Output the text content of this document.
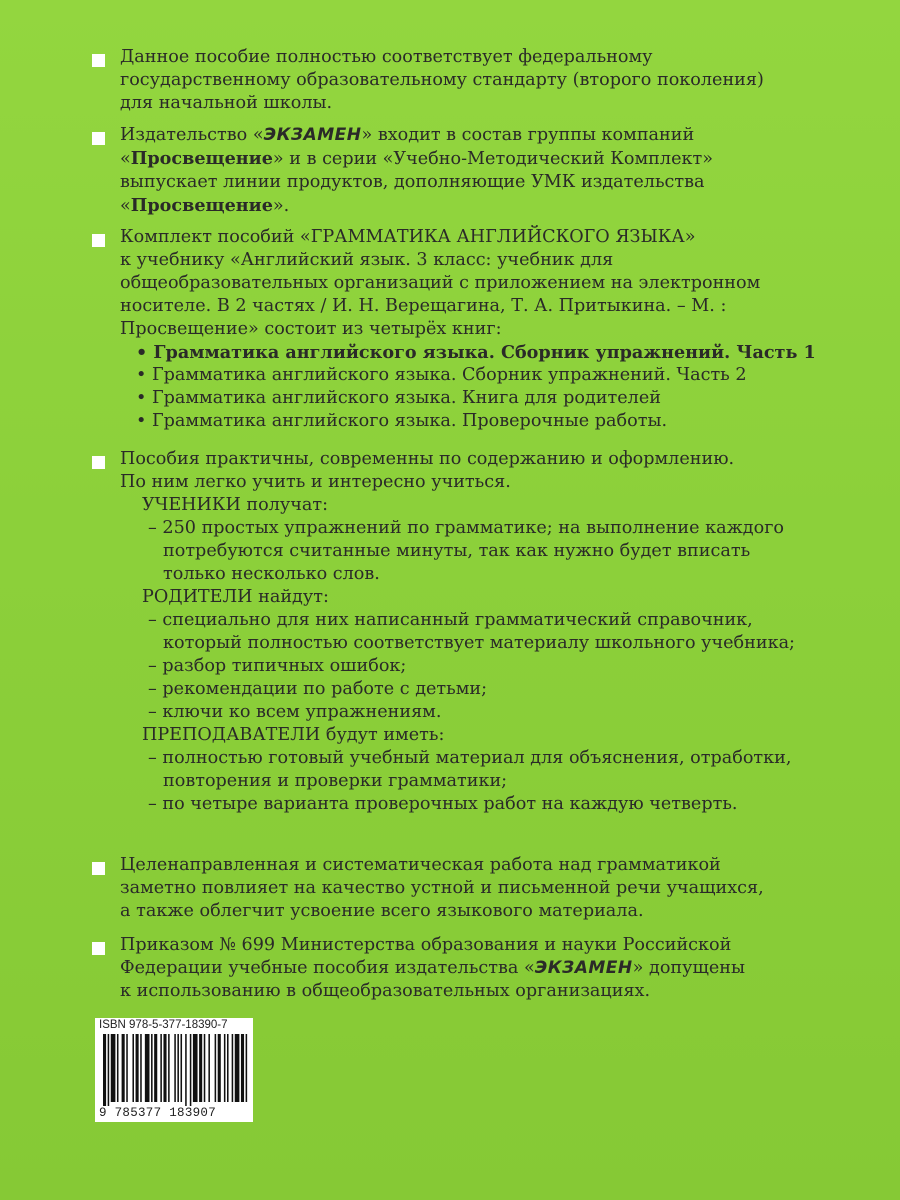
Данное пособие полностью соответствует федеральному
государственному образовательному стандарту (второго поколения)
для начальной школы.
Издательство «ЭКЗАМЕН» входит в состав группы компаний
«Просвещение» и в серии «Учебно-Методический Комплект»
выпускает линии продуктов, дополняющие УМК издательства
«Просвещение».
Комплект пособий «ГРАММАТИКА АНГЛИЙСКОГО ЯЗЫКА»
к учебнику «Английский язык. 3 класс: учебник для
общеобразовательных организаций с приложением на электронном
носителе. В 2 частях / И. Н. Верещагина, Т. А. Притыкина. – М. :
Просвещение» состоит из четырёх книг:
• Грамматика английского языка. Сборник упражнений. Часть 1
• Грамматика английского языка. Сборник упражнений. Часть 2
• Грамматика английского языка. Книга для родителей
• Грамматика английского языка. Проверочные работы.
Пособия практичны, современны по содержанию и оформлению.
По ним легко учить и интересно учиться.
УЧЕНИКИ получат:
– 250 простых упражнений по грамматике; на выполнение каждого
потребуются считанные минуты, так как нужно будет вписать
только несколько слов.
РОДИТЕЛИ найдут:
– специально для них написанный грамматический справочник,
который полностью соответствует материалу школьного учебника;
– разбор типичных ошибок;
– рекомендации по работе с детьми;
– ключи ко всем упражнениям.
ПРЕПОДАВАТЕЛИ будут иметь:
– полностью готовый учебный материал для объяснения, отработки,
повторения и проверки грамматики;
– по четыре варианта проверочных работ на каждую четверть.
Целенаправленная и систематическая работа над грамматикой
заметно повлияет на качество устной и письменной речи учащихся,
а также облегчит усвоение всего языкового материала.
Приказом № 699 Министерства образования и науки Российской
Федерации учебные пособия издательства «ЭКЗАМЕН» допущены
к использованию в общеобразовательных организациях.
ISBN 978-5-377-18390-7
9 785377 183907
